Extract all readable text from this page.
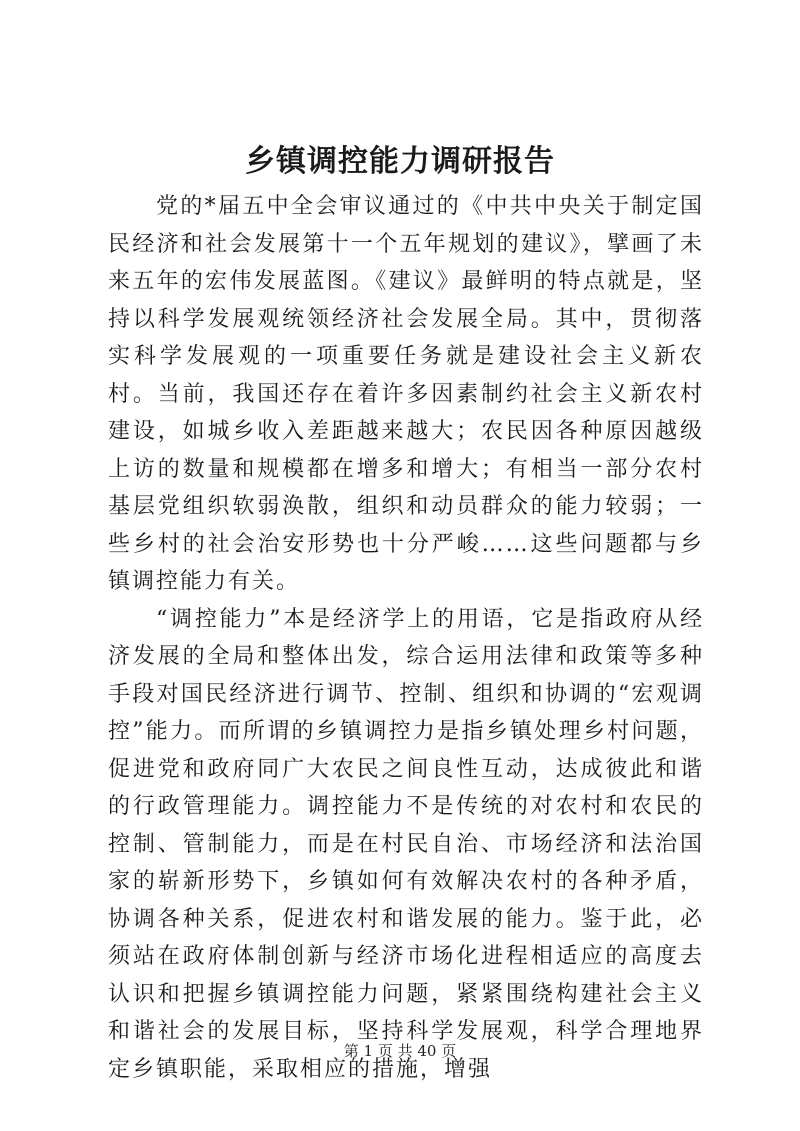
乡镇调控能力调研报告

党的*届五中全会审议通过的《中共中央关于制定国民经济和社会发展第十一个五年规划的建议》，擘画了未来五年的宏伟发展蓝图。《建议》最鲜明的特点就是，坚持以科学发展观统领经济社会发展全局。其中，贯彻落实科学发展观的一项重要任务就是建设社会主义新农村。当前，我国还存在着许多因素制约社会主义新农村建设，如城乡收入差距越来越大；农民因各种原因越级上访的数量和规模都在增多和增大；有相当一部分农村基层党组织软弱涣散，组织和动员群众的能力较弱；一些乡村的社会治安形势也十分严峻……这些问题都与乡镇调控能力有关。

“调控能力”本是经济学上的用语，它是指政府从经济发展的全局和整体出发，综合运用法律和政策等多种手段对国民经济进行调节、控制、组织和协调的“宏观调控”能力。而所谓的乡镇调控力是指乡镇处理乡村问题，促进党和政府同广大农民之间良性互动，达成彼此和谐的行政管理能力。调控能力不是传统的对农村和农民的控制、管制能力，而是在村民自治、市场经济和法治国家的崭新形势下，乡镇如何有效解决农村的各种矛盾，协调各种关系，促进农村和谐发展的能力。鉴于此，必须站在政府体制创新与经济市场化进程相适应的高度去认识和把握乡镇调控能力问题，紧紧围绕构建社会主义和谐社会的发展目标，坚持科学发展观，科学合理地界定乡镇职能，采取相应的措施，增强

第 1 页 共 40 页
